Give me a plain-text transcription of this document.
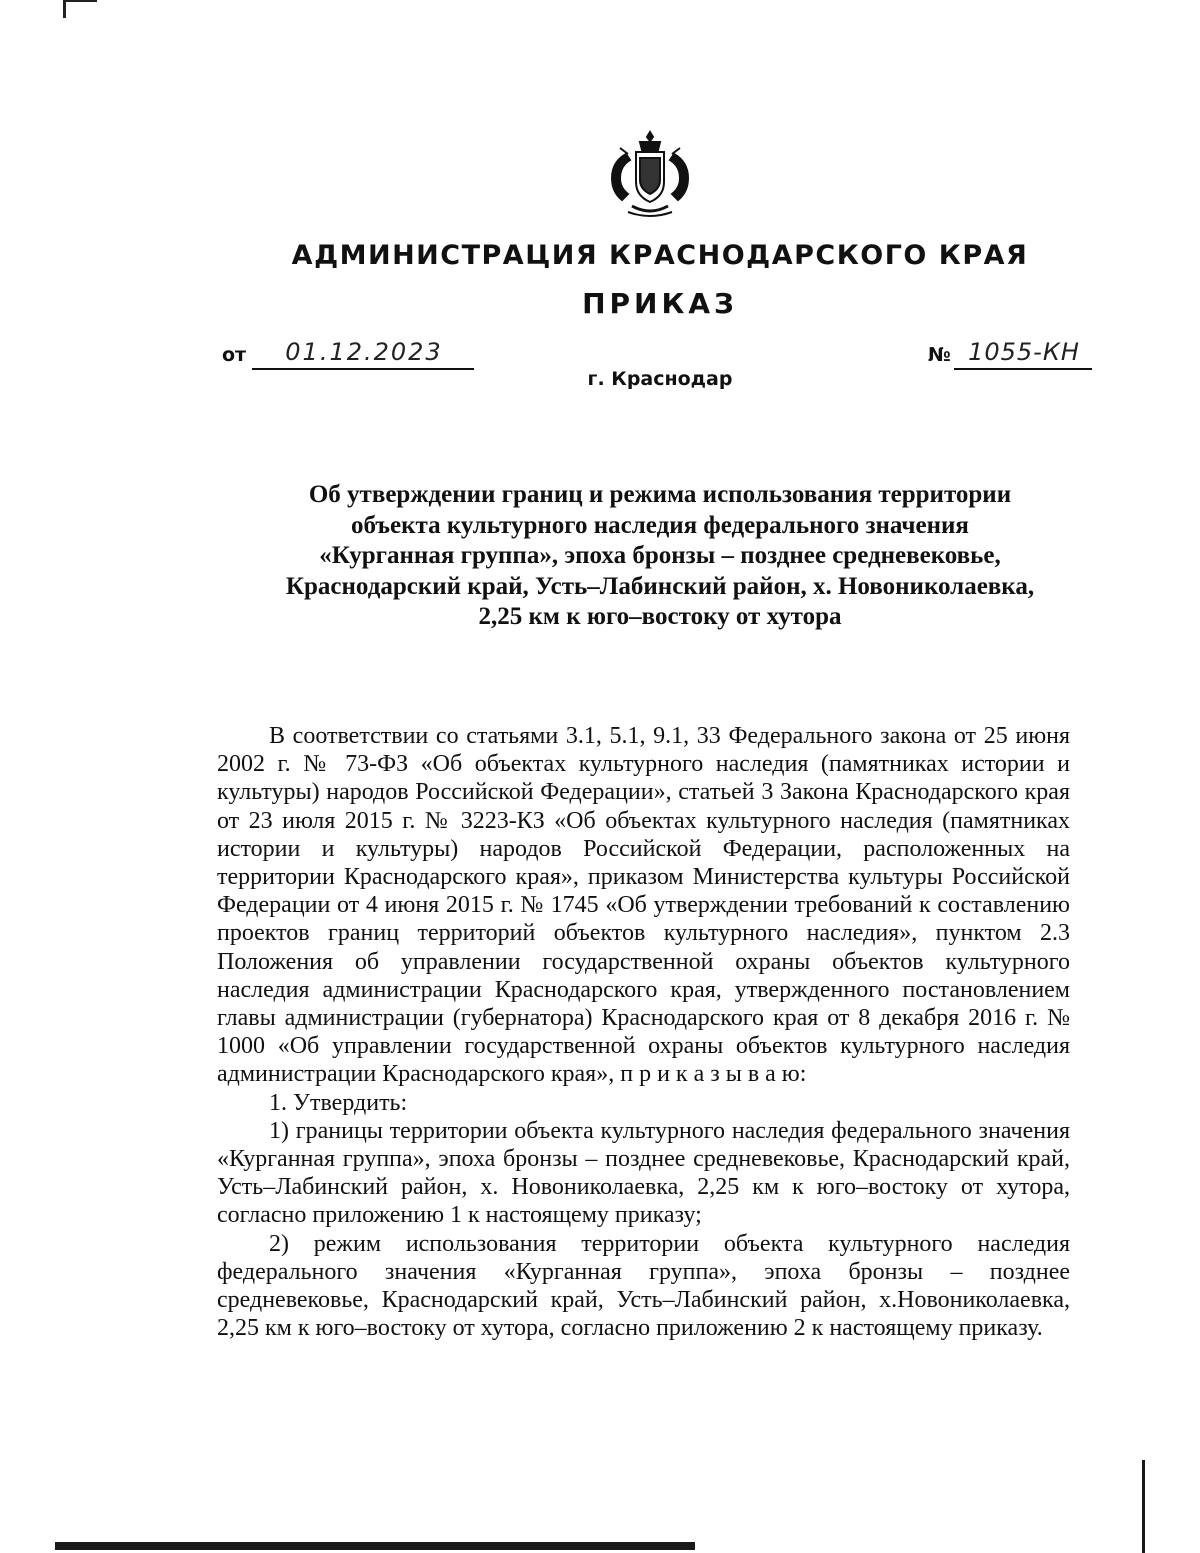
АДМИНИСТРАЦИЯ КРАСНОДАРСКОГО КРАЯ
ПРИКАЗ
от	01.12.2023	№ 1055-КН
г. Краснодар
Об утверждении границ и режима использования территории
объекта культурного наследия федерального значения
«Курганная группа», эпоха бронзы – позднее средневековье,
Краснодарский край, Усть–Лабинский район, х. Новониколаевка,
2,25 км к юго–востоку от хутора

В соответствии со статьями 3.1, 5.1, 9.1, 33 Федерального закона от 25 июня 2002 г. № 73-ФЗ «Об объектах культурного наследия (памятниках истории и культуры) народов Российской Федерации», статьей 3 Закона Краснодарского края от 23 июля 2015 г. № 3223-КЗ «Об объектах культурного наследия (памятниках истории и культуры) народов Российской Федерации, расположенных на территории Краснодарского края», приказом Министерства культуры Российской Федерации от 4 июня 2015 г. № 1745 «Об утверждении требований к составлению проектов границ территорий объектов культурного наследия», пунктом 2.3 Положения об управлении государственной охраны объектов культурного наследия администрации Краснодарского края, утвержденного постановлением главы администрации (губернатора) Краснодарского края от 8 декабря 2016 г. № 1000 «Об управлении государственной охраны объектов культурного наследия администрации Краснодарского края», п р и к а з ы в а ю:

1. Утвердить:

1) границы территории объекта культурного наследия федерального значения «Курганная группа», эпоха бронзы – позднее средневековье, Краснодарский край, Усть–Лабинский район, х. Новониколаевка, 2,25 км к юго–востоку от хутора, согласно приложению 1 к настоящему приказу;

2) режим использования территории объекта культурного наследия федерального значения «Курганная группа», эпоха бронзы – позднее средневековье, Краснодарский край, Усть–Лабинский район, х.Новониколаевка, 2,25 км к юго–востоку от хутора, согласно приложению 2 к настоящему приказу.
